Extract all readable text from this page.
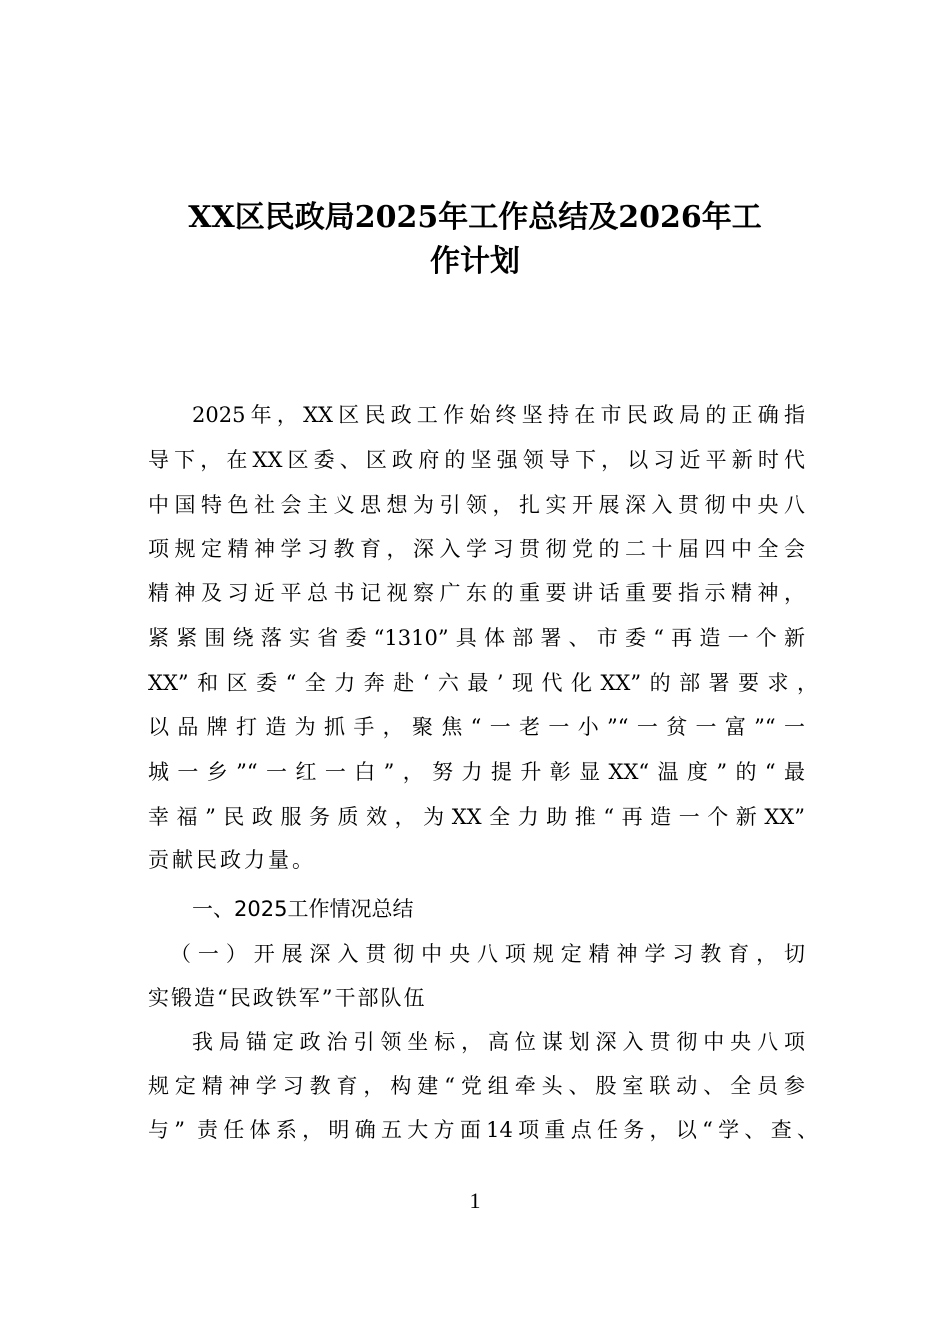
XX区民政局2025年工作总结及2026年工
作计划
2025年，XX区民政工作始终坚持在市民政局的正确指
导下，在XX区委、区政府的坚强领导下，以习近平新时代
中国特色社会主义思想为引领，扎实开展深入贯彻中央八
项规定精神学习教育，深入学习贯彻党的二十届四中全会
精神及习近平总书记视察广东的重要讲话重要指示精神，
紧紧围绕落实省委“1310”具体部署、市委“再造一个新
XX”和区委“全力奔赴‘六最’现代化XX”的部署要求，
以品牌打造为抓手，聚焦“一老一小”“一贫一富”“一
城一乡”“一红一白”，努力提升彰显XX“温度”的“最
幸福”民政服务质效，为XX全力助推“再造一个新XX”
贡献民政力量。
一、2025工作情况总结
（一）开展深入贯彻中央八项规定精神学习教育，切
实锻造“民政铁军”干部队伍
我局锚定政治引领坐标，高位谋划深入贯彻中央八项
规定精神学习教育，构建“党组牵头、股室联动、全员参
与” 责任体系，明确五大方面14项重点任务，以“学、查、
1
